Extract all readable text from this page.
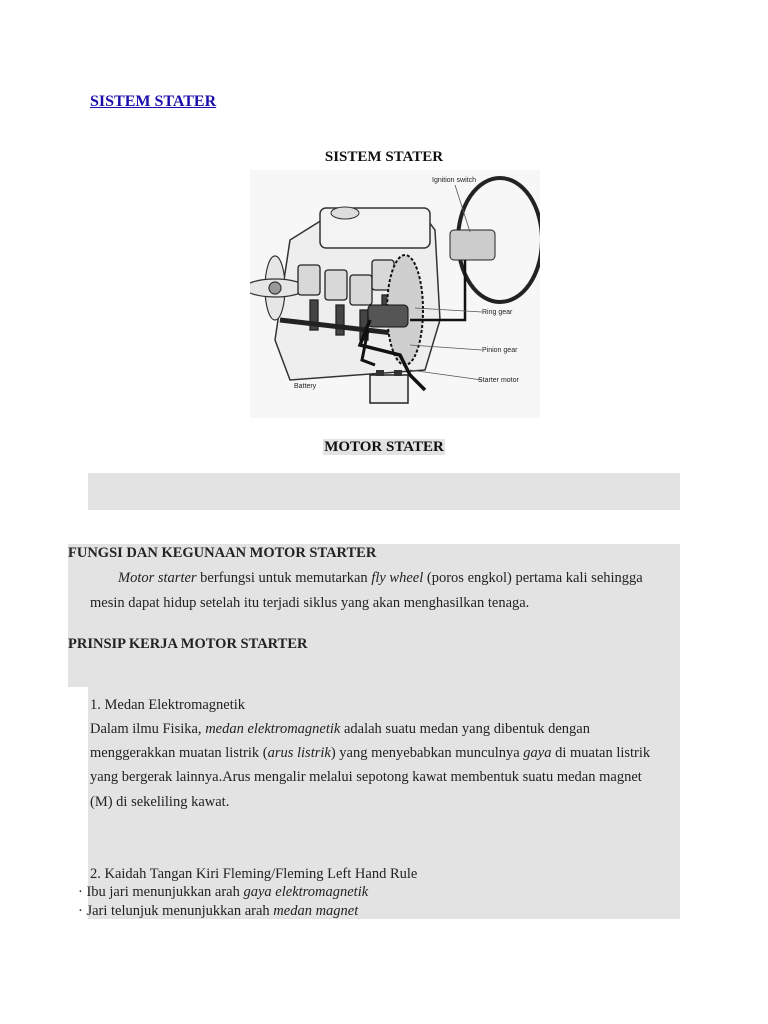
SISTEM STATER
SISTEM STATER
Ignition switch
Ring gear
Pinion gear
Starter motor
Battery
MOTOR STATER
FUNGSI DAN KEGUNAAN MOTOR STARTER
Motor starter berfungsi untuk memutarkan fly wheel (poros engkol) pertama kali sehingga
mesin dapat hidup setelah itu terjadi siklus yang akan menghasilkan tenaga.
PRINSIP KERJA MOTOR STARTER
1. Medan Elektromagnetik
Dalam ilmu Fisika, medan elektromagnetik adalah suatu medan yang dibentuk dengan
menggerakkan muatan listrik (arus listrik) yang menyebabkan munculnya gaya di muatan listrik
yang bergerak lainnya.Arus mengalir melalui sepotong kawat membentuk suatu medan magnet
(M) di sekeliling kawat.
2. Kaidah Tangan Kiri Fleming/Fleming Left Hand Rule
· Ibu jari menunjukkan arah gaya elektromagnetik
· Jari telunjuk menunjukkan arah medan magnet
